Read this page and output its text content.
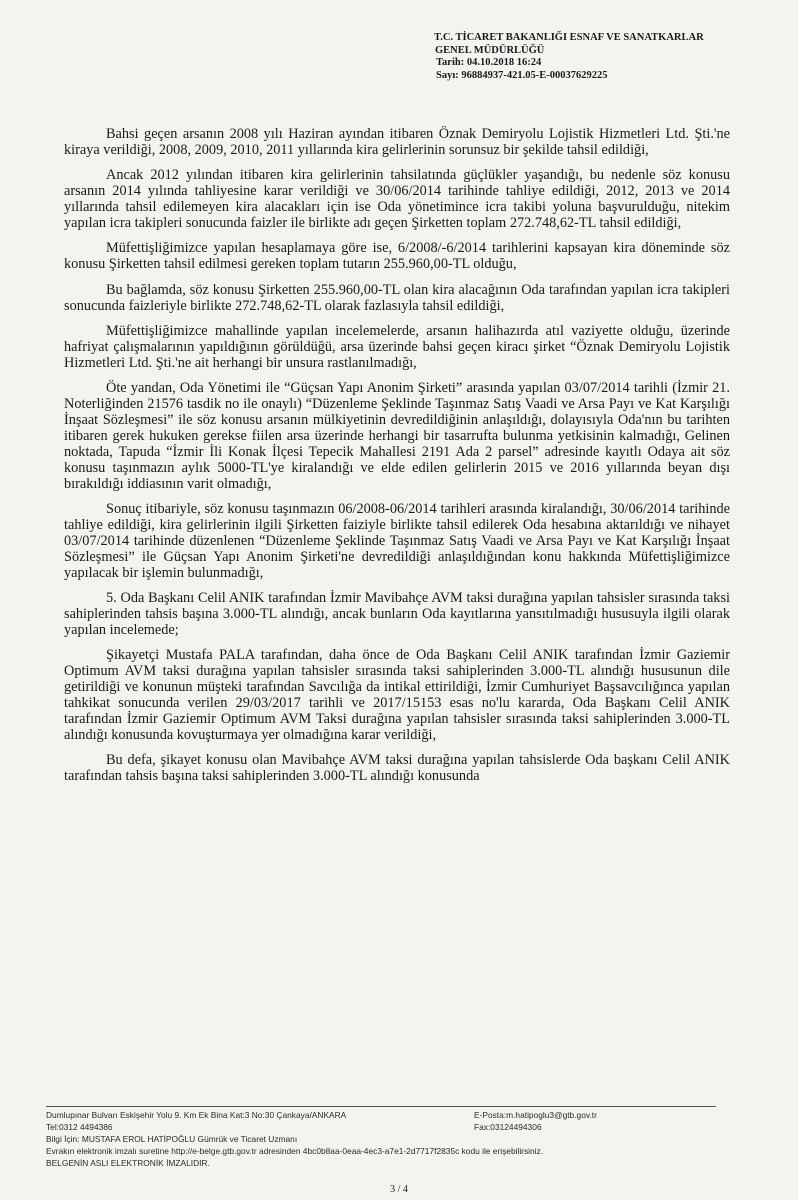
T.C. TİCARET BAKANLIĞI ESNAF VE SANATKARLAR
GENEL MÜDÜRLÜĞÜ
Tarih: 04.10.2018 16:24
Sayı: 96884937-421.05-E-00037629225

Bahsi geçen arsanın 2008 yılı Haziran ayından itibaren Öznak Demiryolu Lojistik Hizmetleri Ltd. Şti.'ne kiraya verildiği, 2008, 2009, 2010, 2011 yıllarında kira gelirlerinin sorunsuz bir şekilde tahsil edildiği,

Ancak 2012 yılından itibaren kira gelirlerinin tahsilatında güçlükler yaşandığı, bu nedenle söz konusu arsanın 2014 yılında tahliyesine karar verildiği ve 30/06/2014 tarihinde tahliye edildiği, 2012, 2013 ve 2014 yıllarında tahsil edilemeyen kira alacakları için ise Oda yönetimince icra takibi yoluna başvurulduğu, nitekim yapılan icra takipleri sonucunda faizler ile birlikte adı geçen Şirketten toplam 272.748,62-TL tahsil edildiği,

Müfettişliğimizce yapılan hesaplamaya göre ise, 6/2008/-6/2014 tarihlerini kapsayan kira döneminde söz konusu Şirketten tahsil edilmesi gereken toplam tutarın 255.960,00-TL olduğu,

Bu bağlamda, söz konusu Şirketten 255.960,00-TL olan kira alacağının Oda tarafından yapılan icra takipleri sonucunda faizleriyle birlikte 272.748,62-TL olarak fazlasıyla tahsil edildiği,

Müfettişliğimizce mahallinde yapılan incelemelerde, arsanın halihazırda atıl vaziyette olduğu, üzerinde hafriyat çalışmalarının yapıldığının görüldüğü, arsa üzerinde bahsi geçen kiracı şirket “Öznak Demiryolu Lojistik Hizmetleri Ltd. Şti.'ne ait herhangi bir unsura rastlanılmadığı,

Öte yandan, Oda Yönetimi ile “Güçsan Yapı Anonim Şirketi” arasında yapılan 03/07/2014 tarihli (İzmir 21. Noterliğinden 21576 tasdik no ile onaylı) “Düzenleme Şeklinde Taşınmaz Satış Vaadi ve Arsa Payı ve Kat Karşılığı İnşaat Sözleşmesi” ile söz konusu arsanın mülkiyetinin devredildiğinin anlaşıldığı, dolayısıyla Oda'nın bu tarihten itibaren gerek hukuken gerekse fiilen arsa üzerinde herhangi bir tasarrufta bulunma yetkisinin kalmadığı, Gelinen noktada, Tapuda “İzmir İli Konak İlçesi Tepecik Mahallesi 2191 Ada 2 parsel” adresinde kayıtlı Odaya ait söz konusu taşınmazın aylık 5000-TL'ye kiralandığı ve elde edilen gelirlerin 2015 ve 2016 yıllarında beyan dışı bırakıldığı iddiasının varit olmadığı,

Sonuç itibariyle, söz konusu taşınmazın 06/2008-06/2014 tarihleri arasında kiralandığı, 30/06/2014 tarihinde tahliye edildiği, kira gelirlerinin ilgili Şirketten faiziyle birlikte tahsil edilerek Oda hesabına aktarıldığı ve nihayet 03/07/2014 tarihinde düzenlenen “Düzenleme Şeklinde Taşınmaz Satış Vaadi ve Arsa Payı ve Kat Karşılığı İnşaat Sözleşmesi” ile Güçsan Yapı Anonim Şirketi'ne devredildiği anlaşıldığından konu hakkında Müfettişliğimizce yapılacak bir işlemin bulunmadığı,

5. Oda Başkanı Celil ANIK tarafından İzmir Mavibahçe AVM taksi durağına yapılan tahsisler sırasında taksi sahiplerinden tahsis başına 3.000-TL alındığı, ancak bunların Oda kayıtlarına yansıtılmadığı hususuyla ilgili olarak yapılan incelemede;

Şikayetçi Mustafa PALA tarafından, daha önce de Oda Başkanı Celil ANIK tarafından İzmir Gaziemir Optimum AVM taksi durağına yapılan tahsisler sırasında taksi sahiplerinden 3.000-TL alındığı hususunun dile getirildiği ve konunun müşteki tarafından Savcılığa da intikal ettirildiği, İzmir Cumhuriyet Başsavcılığınca yapılan tahkikat sonucunda verilen 29/03/2017 tarihli ve 2017/15153 esas no'lu kararda, Oda Başkanı Celil ANIK tarafından İzmir Gaziemir Optimum AVM Taksi durağına yapılan tahsisler sırasında taksi sahiplerinden 3.000-TL alındığı konusunda kovuşturmaya yer olmadığına karar verildiği,

Bu defa, şikayet konusu olan Mavibahçe AVM taksi durağına yapılan tahsislerde Oda başkanı Celil ANIK tarafından tahsis başına taksi sahiplerinden 3.000-TL alındığı konusunda

Dumlupınar Bulvarı Eskişehir Yolu 9. Km Ek Bina Kat:3 No:30 Çankaya/ANKARA	E-Posta:m.hatipoglu3@gtb.gov.tr
Tel:0312 4494386	Fax:03124494306
Bilgi İçin: MUSTAFA EROL HATİPOĞLU Gümrük ve Ticaret Uzmanı
Evrakın elektronik imzalı suretine http://e-belge.gtb.gov.tr adresinden 4bc0b8aa-0eaa-4ec3-a7e1-2d7717f2835c kodu ile erişebilirsiniz.
BELGENİN ASLI ELEKTRONİK İMZALIDIR.
3 / 4
